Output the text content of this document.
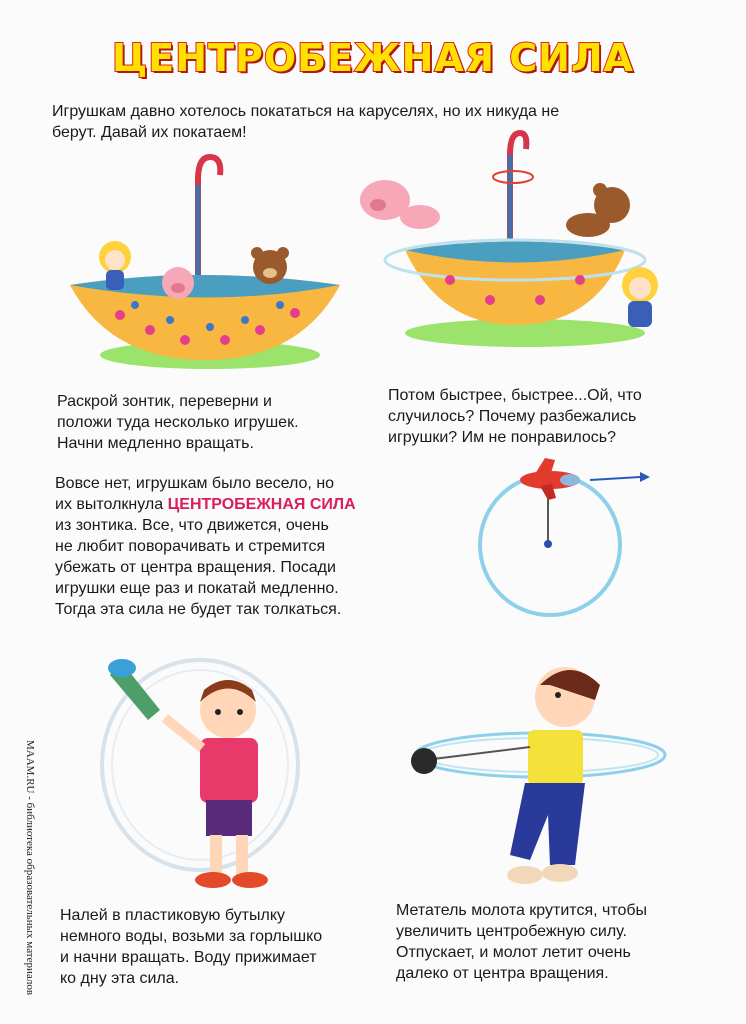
ЦЕНТРОБЕЖНАЯ СИЛА
Игрушкам давно хотелось покататься на каруселях, но их никуда не
берут. Давай их покатаем!
Раскрой зонтик, переверни и
положи туда несколько игрушек.
Начни медленно вращать.
Потом быстрее, быстрее...Ой, что
случилось? Почему разбежались
игрушки? Им не понравилось?
Вовсе нет, игрушкам было весело, но
их вытолкнула ЦЕНТРОБЕЖНАЯ СИЛА
из зонтика. Все, что движется, очень
не любит поворачивать и стремится
убежать от центра вращения. Посади
игрушки еще раз и покатай медленно.
Тогда эта сила не будет так толкаться.
MAAM.RU - библиотека образовательных материалов Налей в пластиковую бутылку
немного воды, возьми за горлышко
и начни вращать. Воду прижимает
ко дну эта сила.
Метатель молота крутится, чтобы
увеличить центробежную силу.
Отпускает, и молот летит очень
далеко от центра вращения.
